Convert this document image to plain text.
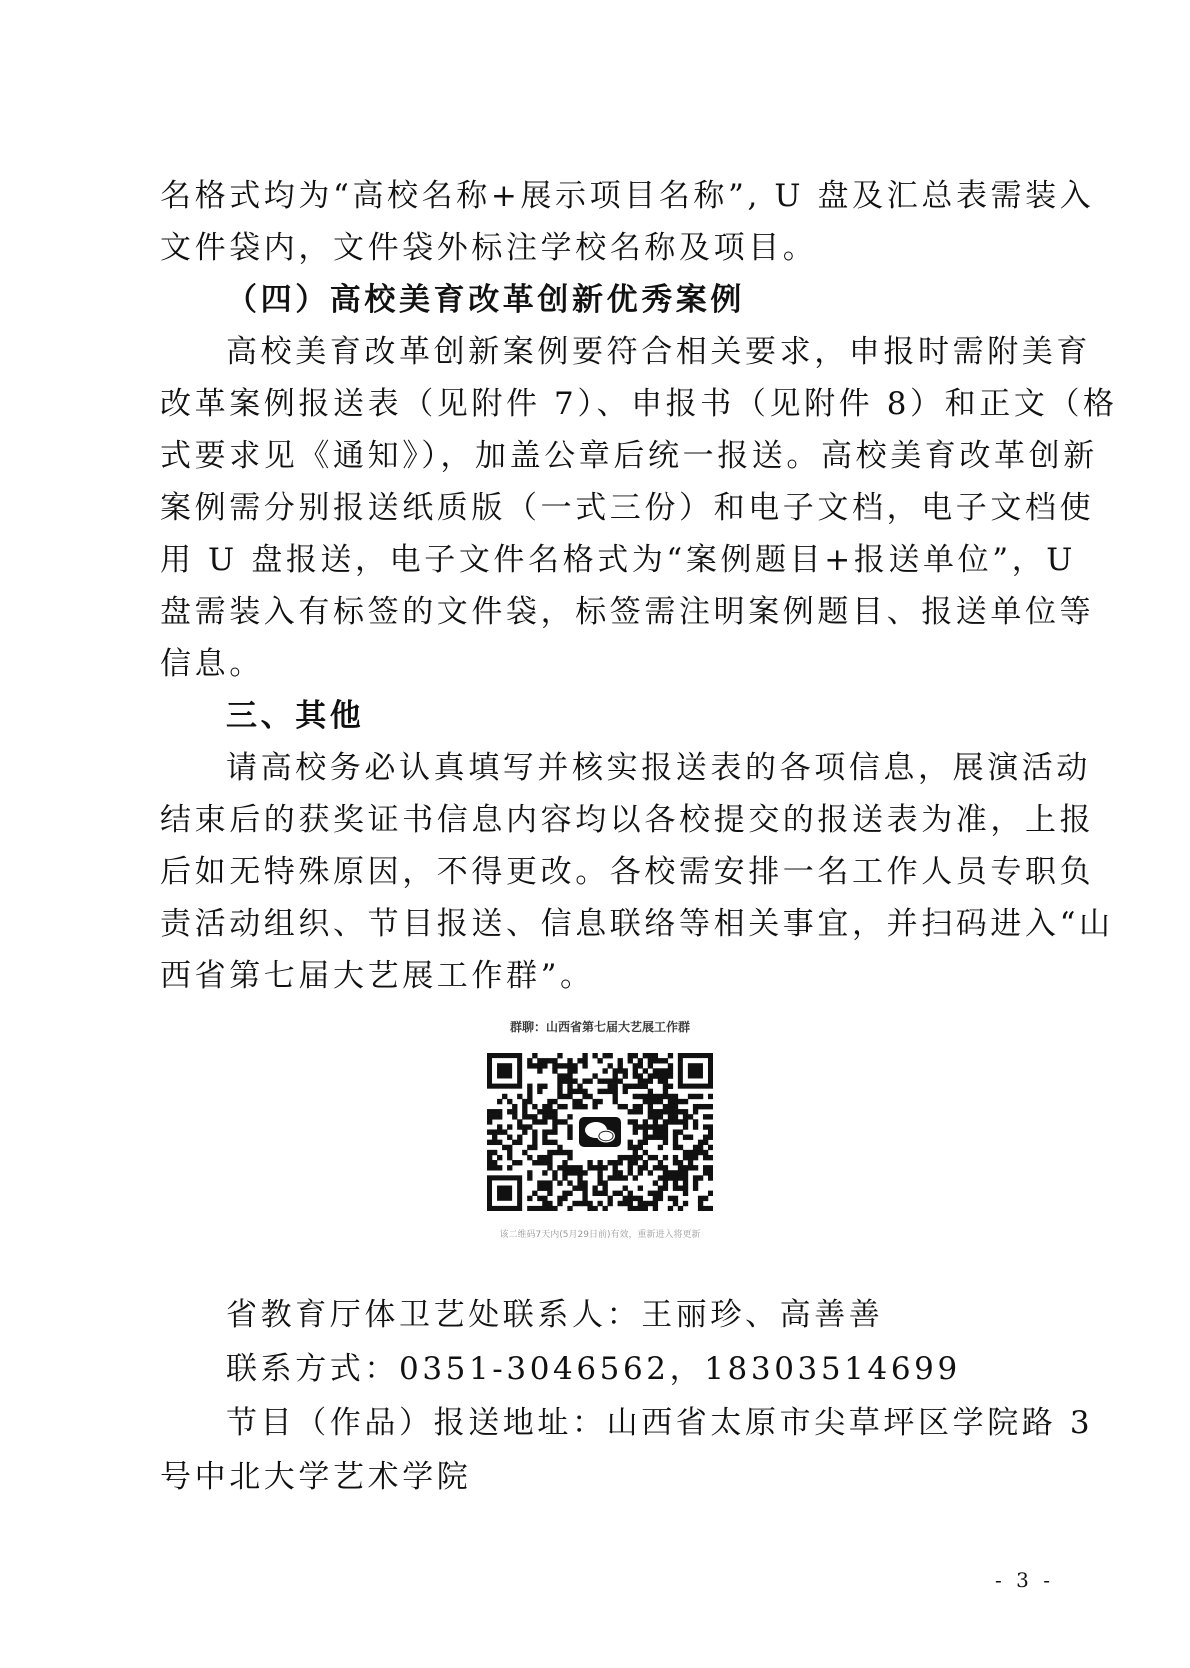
名格式均为“高校名称+展示项目名称”, U 盘及汇总表需装入

文件袋内，文件袋外标注学校名称及项目。

（四）高校美育改革创新优秀案例

高校美育改革创新案例要符合相关要求，申报时需附美育

改革案例报送表（见附件 7）、申报书（见附件 8）和正文（格

式要求见《通知》），加盖公章后统一报送。高校美育改革创新

案例需分别报送纸质版（一式三份）和电子文档，电子文档使

用 U 盘报送，电子文件名格式为“案例题目+报送单位”，U

盘需装入有标签的文件袋，标签需注明案例题目、报送单位等

信息。

三、其他

请高校务必认真填写并核实报送表的各项信息，展演活动

结束后的获奖证书信息内容均以各校提交的报送表为准，上报

后如无特殊原因，不得更改。各校需安排一名工作人员专职负

责活动组织、节目报送、信息联络等相关事宜，并扫码进入“山

西省第七届大艺展工作群”。

群聊：山西省第七届大艺展工作群
该二维码7天内(5月29日前)有效，重新进入将更新

省教育厅体卫艺处联系人：王丽珍、高善善

联系方式：0351-3046562，18303514699

节目（作品）报送地址：山西省太原市尖草坪区学院路 3

号中北大学艺术学院

- 3 -
